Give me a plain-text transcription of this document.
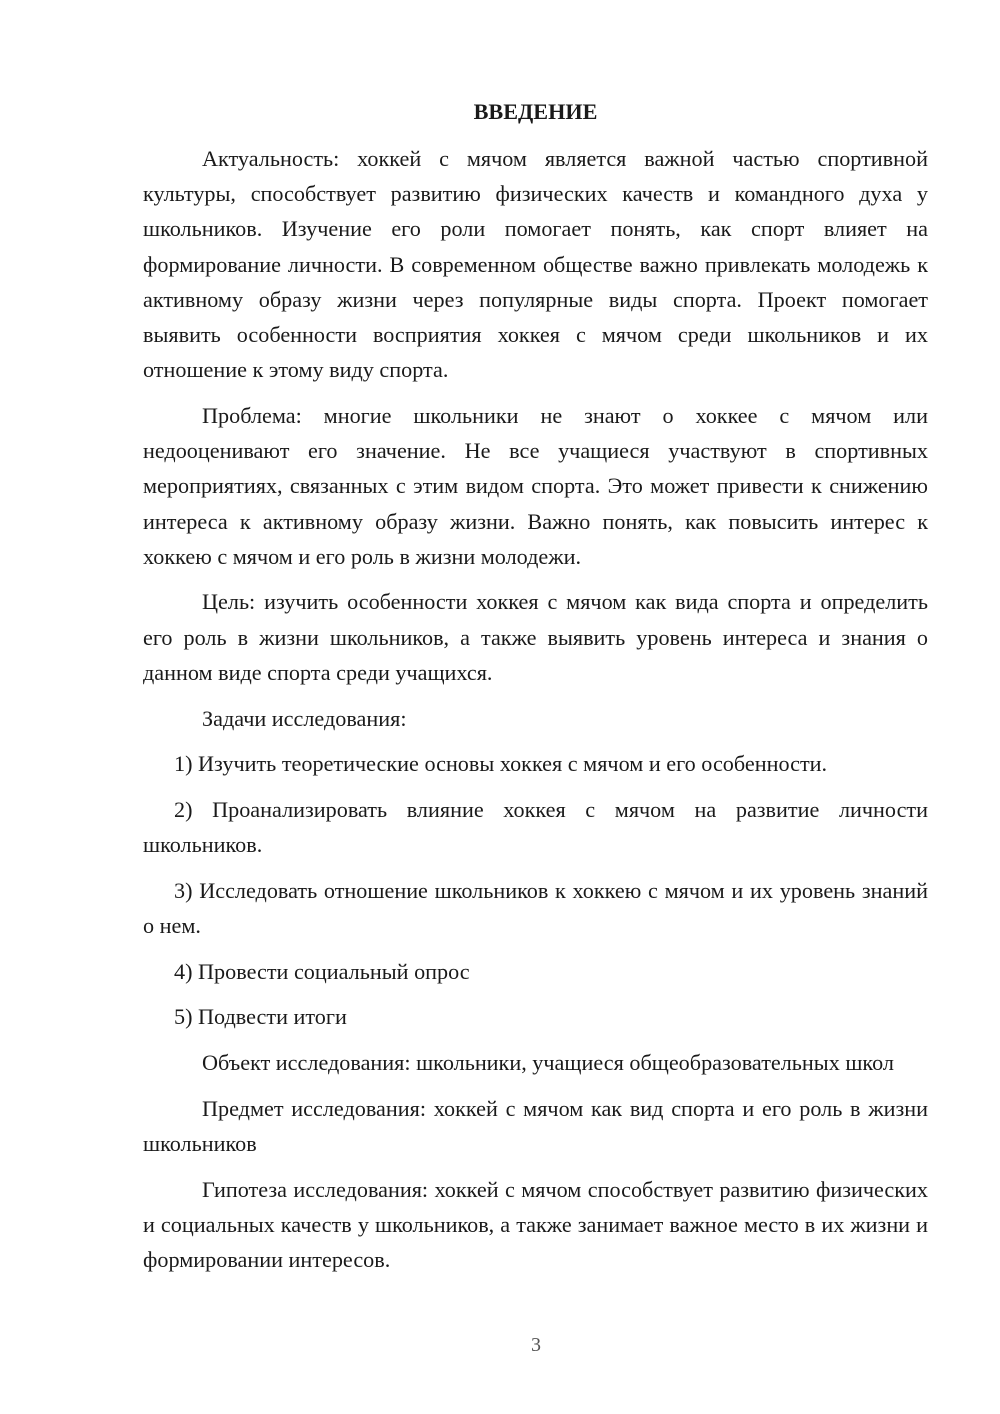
ВВЕДЕНИЕ

Актуальность: хоккей с мячом является важной частью спортивной культуры, способствует развитию физических качеств и командного духа у школьников. Изучение его роли помогает понять, как спорт влияет на формирование личности. В современном обществе важно привлекать молодежь к активному образу жизни через популярные виды спорта. Проект помогает выявить особенности восприятия хоккея с мячом среди школьников и их отношение к этому виду спорта.

Проблема: многие школьники не знают о хоккее с мячом или недооценивают его значение. Не все учащиеся участвуют в спортивных мероприятиях, связанных с этим видом спорта. Это может привести к снижению интереса к активному образу жизни. Важно понять, как повысить интерес к хоккею с мячом и его роль в жизни молодежи.

Цель: изучить особенности хоккея с мячом как вида спорта и определить его роль в жизни школьников, а также выявить уровень интереса и знания о данном виде спорта среди учащихся.

Задачи исследования:

1) Изучить теоретические основы хоккея с мячом и его особенности.

2) Проанализировать влияние хоккея с мячом на развитие личности школьников.

3) Исследовать отношение школьников к хоккею с мячом и их уровень знаний о нем.

4) Провести социальный опрос

5) Подвести итоги

Объект исследования: школьники, учащиеся общеобразовательных школ

Предмет исследования: хоккей с мячом как вид спорта и его роль в жизни школьников

Гипотеза исследования: хоккей с мячом способствует развитию физических и социальных качеств у школьников, а также занимает важное место в их жизни и формировании интересов.

3
